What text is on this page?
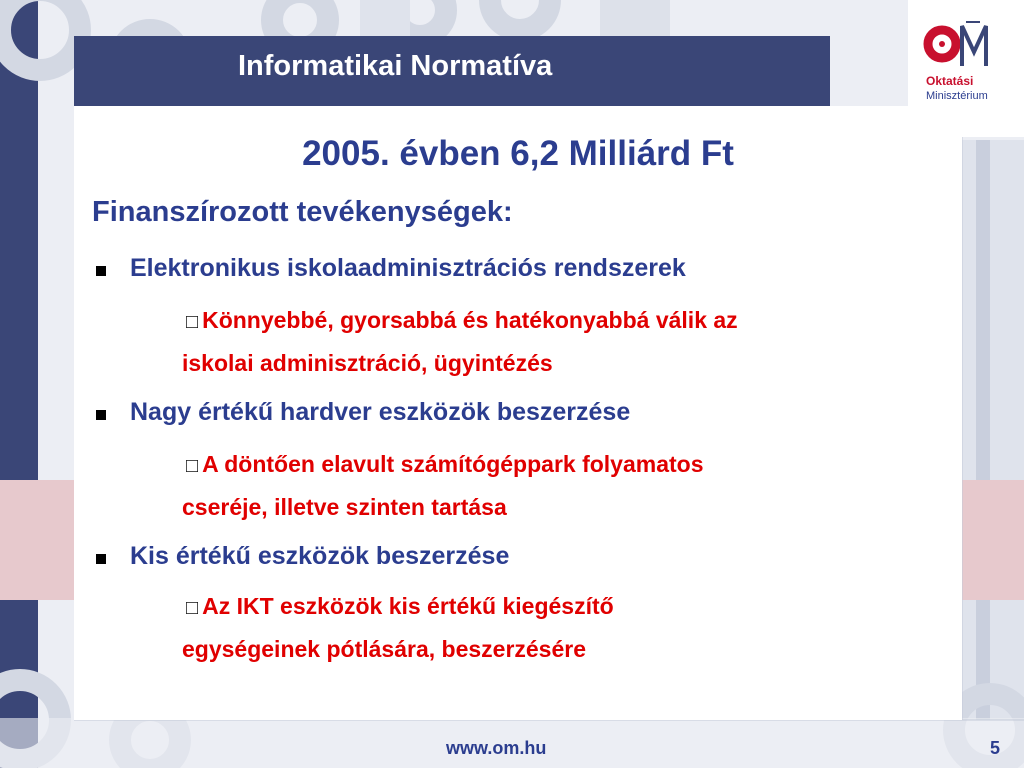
Informatikai Normatíva	Oktatási
Minisztérium
2005. évben 6,2 Milliárd Ft
Finanszírozott tevékenységek:
Elektronikus iskolaadminisztrációs rendszerek
□ Könnyebbé, gyorsabbá és hatékonyabbá válik az
iskolai adminisztráció, ügyintézés
Nagy értékű hardver eszközök beszerzése
□ A döntően elavult számítógéppark folyamatos
cseréje, illetve szinten tartása
Kis értékű eszközök beszerzése
□ Az IKT eszközök kis értékű kiegészítő
egységeinek pótlására, beszerzésére
www.om.hu	5
